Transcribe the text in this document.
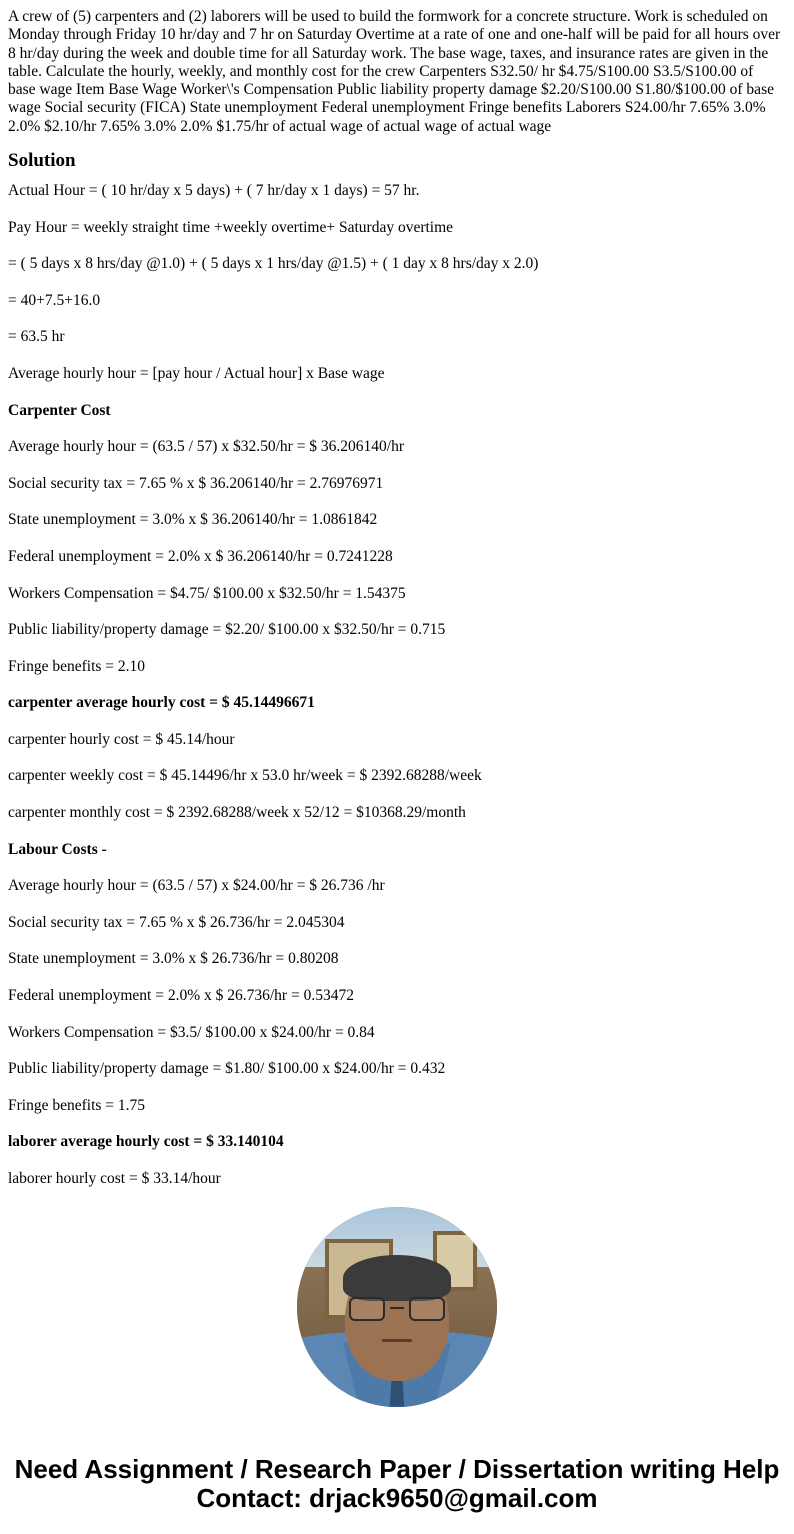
A crew of (5) carpenters and (2) laborers will be used to build the formwork for a concrete structure. Work is scheduled on Monday through Friday 10 hr/day and 7 hr on Saturday Overtime at a rate of one and one-half will be paid for all hours over 8 hr/day during the week and double time for all Saturday work. The base wage, taxes, and insurance rates are given in the table. Calculate the hourly, weekly, and monthly cost for the crew Carpenters S32.50/ hr $4.75/S100.00 S3.5/S100.00 of base wage Item Base Wage Worker\'s Compensation Public liability property damage $2.20/S100.00 S1.80/$100.00 of base wage Social security (FICA) State unemployment Federal unemployment Fringe benefits Laborers S24.00/hr 7.65% 3.0% 2.0% $2.10/hr 7.65% 3.0% 2.0% $1.75/hr of actual wage of actual wage of actual wage

Solution

Actual Hour = ( 10 hr/day x 5 days) + ( 7 hr/day x 1 days) = 57 hr.

Pay Hour = weekly straight time +weekly overtime+ Saturday overtime

= ( 5 days x 8 hrs/day @1.0) + ( 5 days x 1 hrs/day @1.5) + ( 1 day x 8 hrs/day x 2.0)

= 40+7.5+16.0

= 63.5 hr

Average hourly hour = [pay hour / Actual hour] x Base wage

Carpenter Cost

Average hourly hour = (63.5 / 57) x $32.50/hr = $ 36.206140/hr

Social security tax = 7.65 % x $ 36.206140/hr = 2.76976971

State unemployment = 3.0% x $ 36.206140/hr = 1.0861842

Federal unemployment = 2.0% x $ 36.206140/hr = 0.7241228

Workers Compensation = $4.75/ $100.00 x $32.50/hr = 1.54375

Public liability/property damage = $2.20/ $100.00 x $32.50/hr = 0.715

Fringe benefits = 2.10

carpenter average hourly cost = $ 45.14496671

carpenter hourly cost = $ 45.14/hour

carpenter weekly cost = $ 45.14496/hr x 53.0 hr/week = $ 2392.68288/week

carpenter monthly cost = $ 2392.68288/week x 52/12 = $10368.29/month

Labour Costs -

Average hourly hour = (63.5 / 57) x $24.00/hr = $ 26.736 /hr

Social security tax = 7.65 % x $ 26.736/hr = 2.045304

State unemployment = 3.0% x $ 26.736/hr = 0.80208

Federal unemployment = 2.0% x $ 26.736/hr = 0.53472

Workers Compensation = $3.5/ $100.00 x $24.00/hr = 0.84

Public liability/property damage = $1.80/ $100.00 x $24.00/hr = 0.432

Fringe benefits = 1.75

laborer average hourly cost = $ 33.140104

laborer hourly cost = $ 33.14/hour

Need Assignment / Research Paper / Dissertation writing Help
Contact: drjack9650@gmail.com
